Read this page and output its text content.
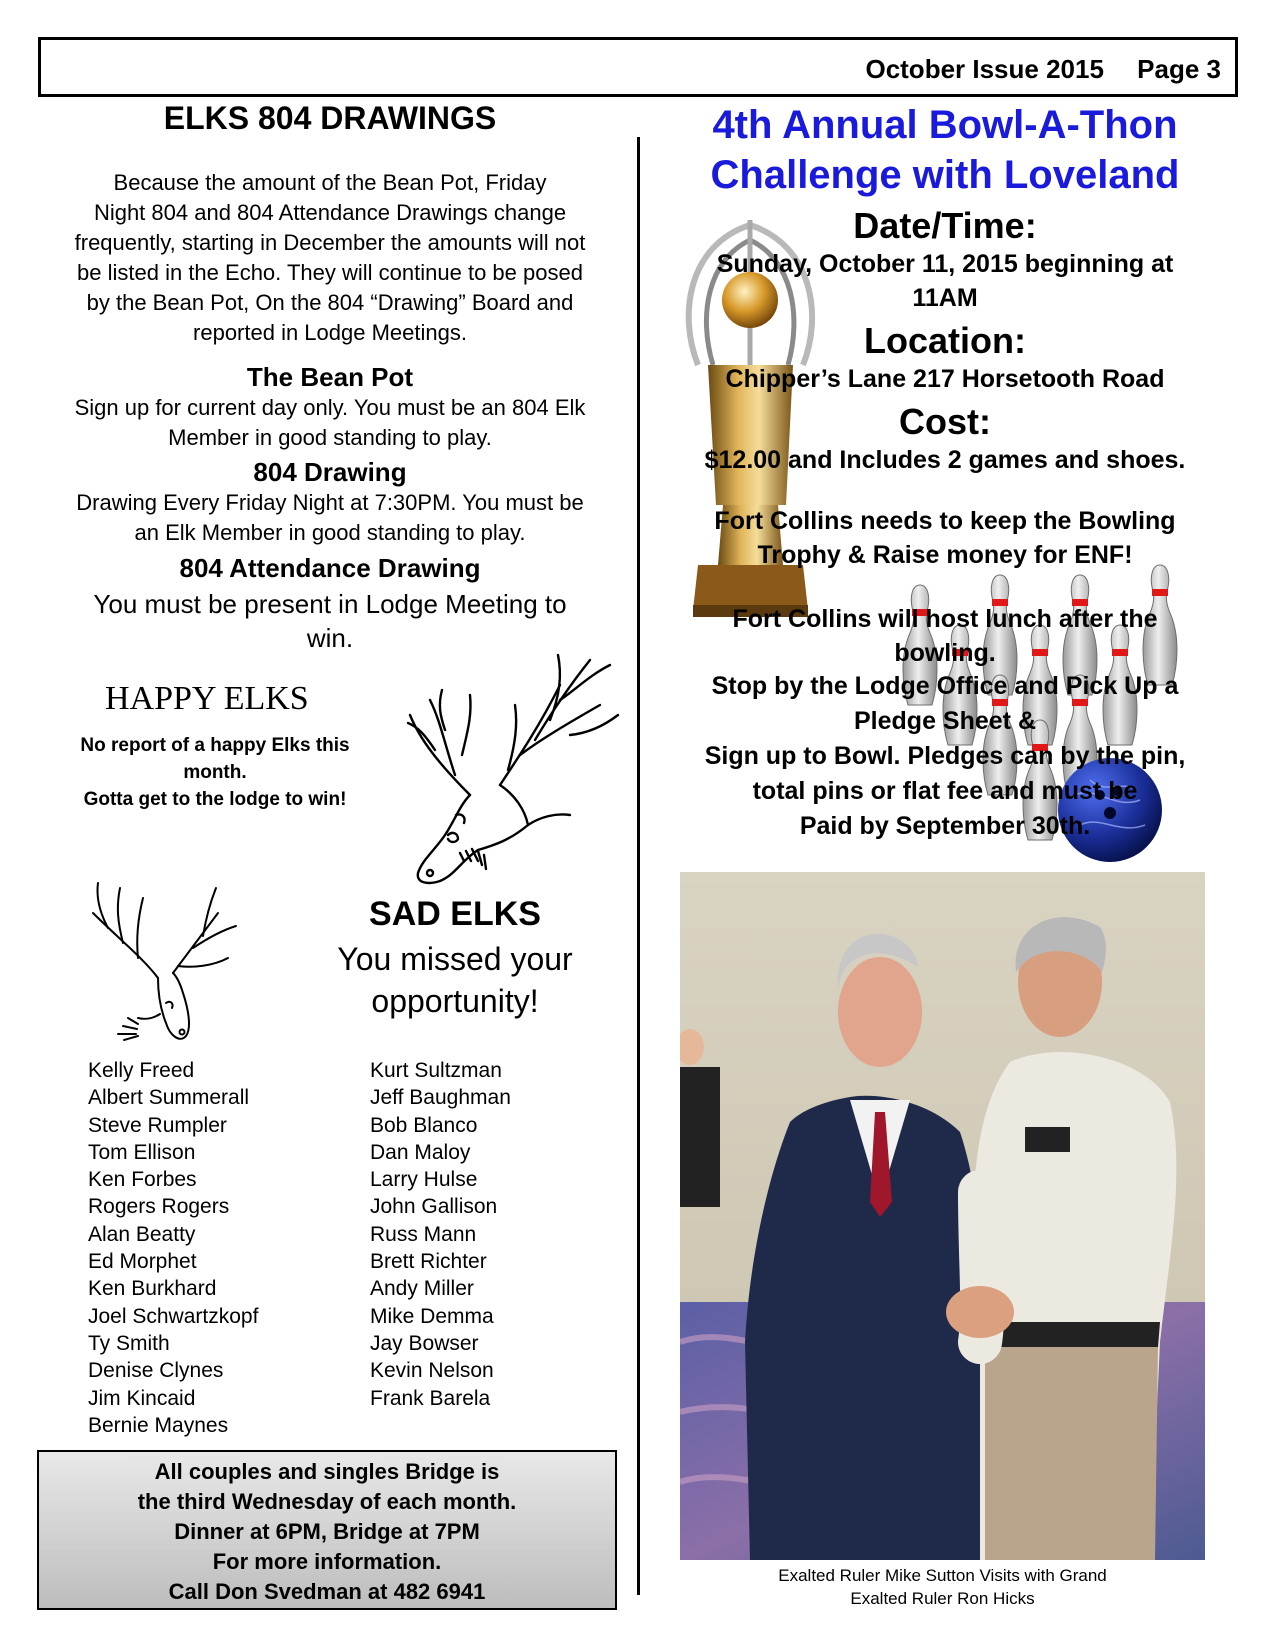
October Issue 2015 Page 3
ELKS 804 DRAWINGS
Because the amount of the Bean Pot, Friday
Night 804 and 804 Attendance Drawings change
frequently, starting in December the amounts will not
be listed in the Echo. They will continue to be posed
by the Bean Pot, On the 804 “Drawing” Board and
reported in Lodge Meetings.
The Bean Pot
Sign up for current day only. You must be an 804 Elk
Member in good standing to play.
804 Drawing
Drawing Every Friday Night at 7:30PM. You must be
an Elk Member in good standing to play.
804 Attendance Drawing
You must be present in Lodge Meeting to
win.
HAPPY ELKS
No report of a happy Elks this
month.
Gotta get to the lodge to win!
SAD ELKS
You missed your
opportunity!
Kelly Freed
Albert Summerall
Steve Rumpler
Tom Ellison
Ken Forbes
Rogers Rogers
Alan Beatty
Ed Morphet
Ken Burkhard
Joel Schwartzkopf
Ty Smith
Denise Clynes
Jim Kincaid
Bernie Maynes
Kurt Sultzman
Jeff Baughman
Bob Blanco
Dan Maloy
Larry Hulse
John Gallison
Russ Mann
Brett Richter
Andy Miller
Mike Demma
Jay Bowser
Kevin Nelson
Frank Barela
All couples and singles Bridge is
the third Wednesday of each month.
Dinner at 6PM, Bridge at 7PM
For more information.
Call Don Svedman at 482 6941
4th Annual Bowl-A-Thon
Challenge with Loveland
Date/Time:
Sunday, October 11, 2015 beginning at
11AM
Location:
Chipper’s Lane 217 Horsetooth Road
Cost:
$12.00 and Includes 2 games and shoes.
Fort Collins needs to keep the Bowling
Trophy & Raise money for ENF!
Fort Collins will host lunch after the
bowling.
Stop by the Lodge Office and Pick Up a
Pledge Sheet &
Sign up to Bowl. Pledges can by the pin,
total pins or flat fee and must be
Paid by September 30th.
Exalted Ruler Mike Sutton Visits with Grand
Exalted Ruler Ron Hicks
